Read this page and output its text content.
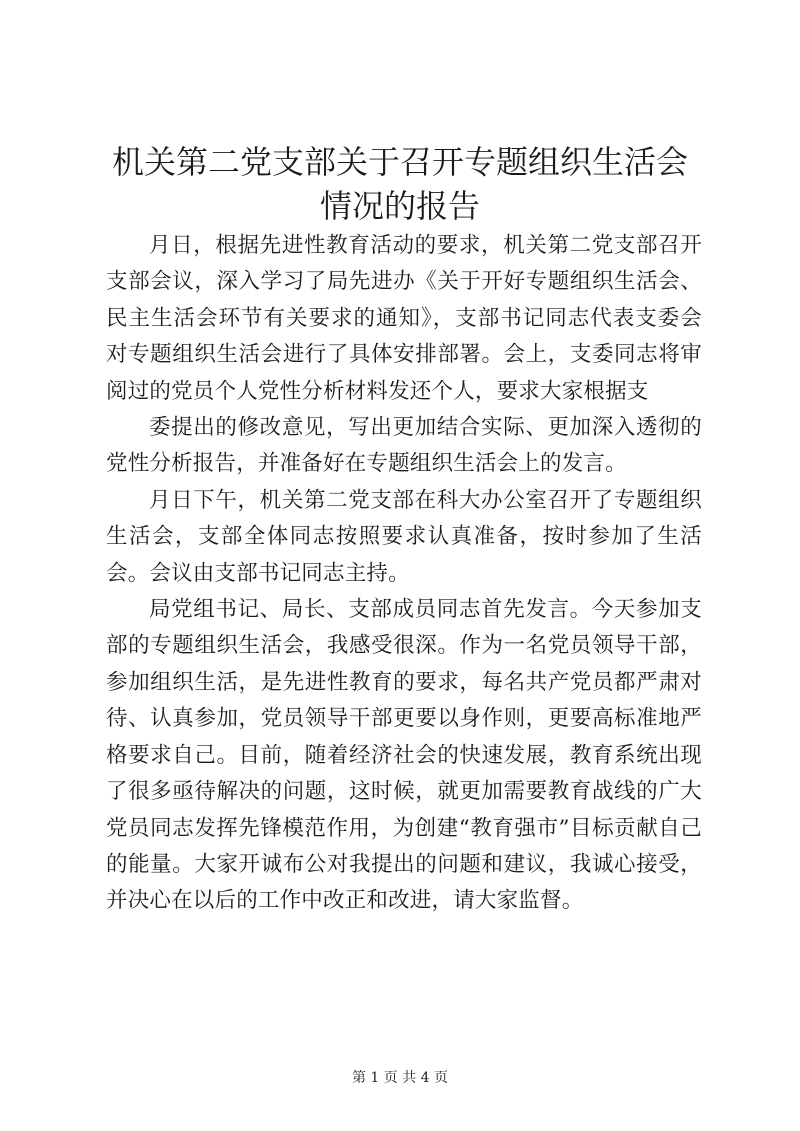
机关第二党支部关于召开专题组织生活会情况的报告

月日，根据先进性教育活动的要求，机关第二党支部召开支部会议，深入学习了局先进办《关于开好专题组织生活会、民主生活会环节有关要求的通知》，支部书记同志代表支委会对专题组织生活会进行了具体安排部署。会上，支委同志将审阅过的党员个人党性分析材料发还个人，要求大家根据支

委提出的修改意见，写出更加结合实际、更加深入透彻的党性分析报告，并准备好在专题组织生活会上的发言。

月日下午，机关第二党支部在科大办公室召开了专题组织生活会，支部全体同志按照要求认真准备，按时参加了生活会。会议由支部书记同志主持。

局党组书记、局长、支部成员同志首先发言。今天参加支部的专题组织生活会，我感受很深。作为一名党员领导干部，参加组织生活，是先进性教育的要求，每名共产党员都严肃对待、认真参加，党员领导干部更要以身作则，更要高标准地严格要求自己。目前，随着经济社会的快速发展，教育系统出现了很多亟待解决的问题，这时候，就更加需要教育战线的广大党员同志发挥先锋模范作用，为创建“教育强市”目标贡献自己的能量。大家开诚布公对我提出的问题和建议，我诚心接受，并决心在以后的工作中改正和改进，请大家监督。

第 1 页 共 4 页
